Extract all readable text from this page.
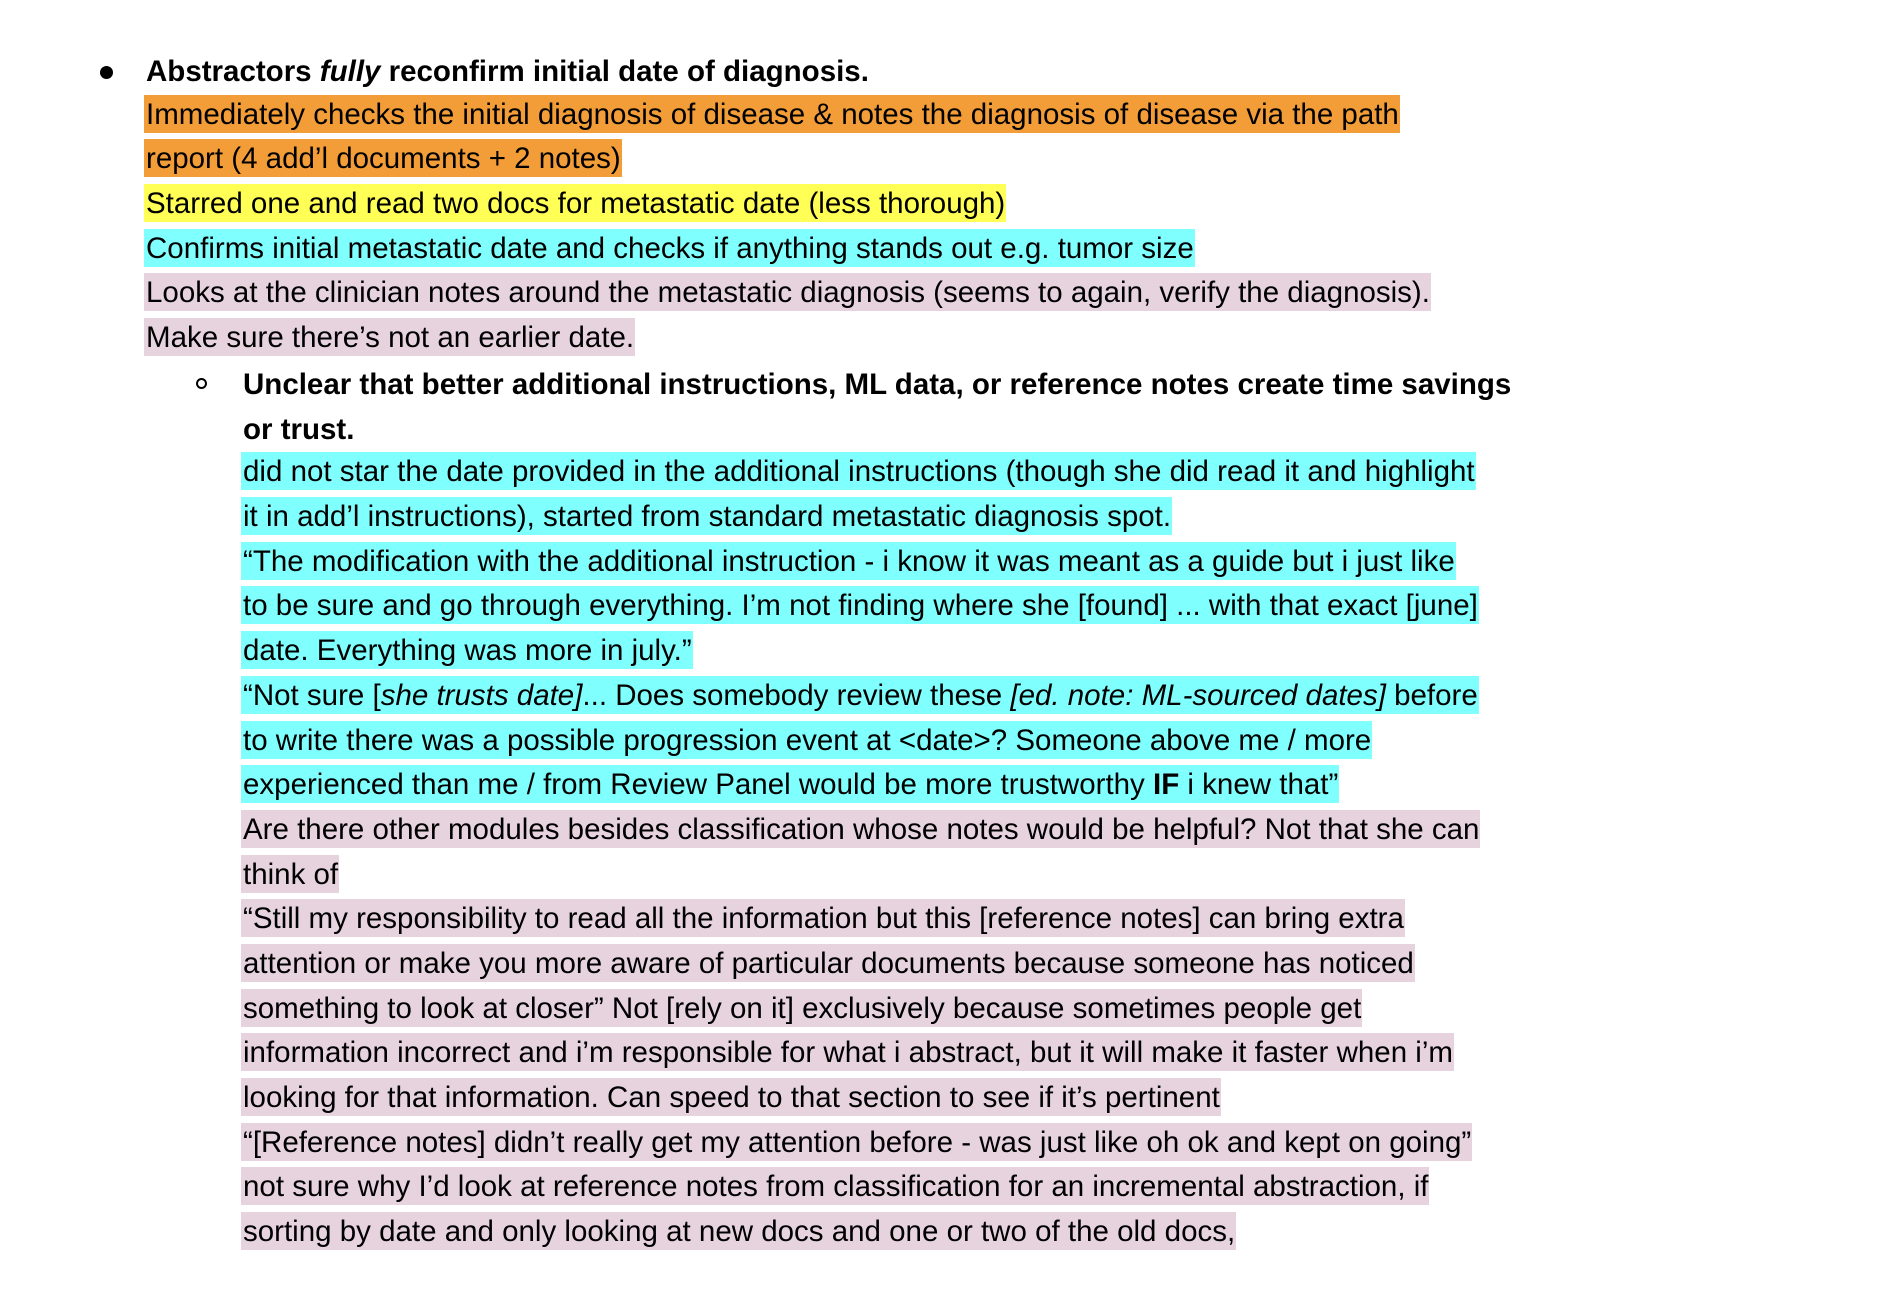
Abstractors fully reconfirm initial date of diagnosis.
Immediately checks the initial diagnosis of disease & notes the diagnosis of disease via the path
report (4 add’l documents + 2 notes)
Starred one and read two docs for metastatic date (less thorough)
Confirms initial metastatic date and checks if anything stands out e.g. tumor size
Looks at the clinician notes around the metastatic diagnosis (seems to again, verify the diagnosis).
Make sure there’s not an earlier date.
Unclear that better additional instructions, ML data, or reference notes create time savings
or trust.
did not star the date provided in the additional instructions (though she did read it and highlight
it in add’l instructions), started from standard metastatic diagnosis spot.
“The modification with the additional instruction - i know it was meant as a guide but i just like
to be sure and go through everything. I’m not finding where she [found] ... with that exact [june]
date. Everything was more in july.”
“Not sure [she trusts date]... Does somebody review these [ed. note: ML-sourced dates] before
to write there was a possible progression event at <date>? Someone above me / more
experienced than me / from Review Panel would be more trustworthy IF i knew that”
Are there other modules besides classification whose notes would be helpful? Not that she can
think of
“Still my responsibility to read all the information but this [reference notes] can bring extra
attention or make you more aware of particular documents because someone has noticed
something to look at closer” Not [rely on it] exclusively because sometimes people get
information incorrect and i’m responsible for what i abstract, but it will make it faster when i’m
looking for that information. Can speed to that section to see if it’s pertinent
“[Reference notes] didn’t really get my attention before - was just like oh ok and kept on going”
not sure why I’d look at reference notes from classification for an incremental abstraction, if
sorting by date and only looking at new docs and one or two of the old docs,
